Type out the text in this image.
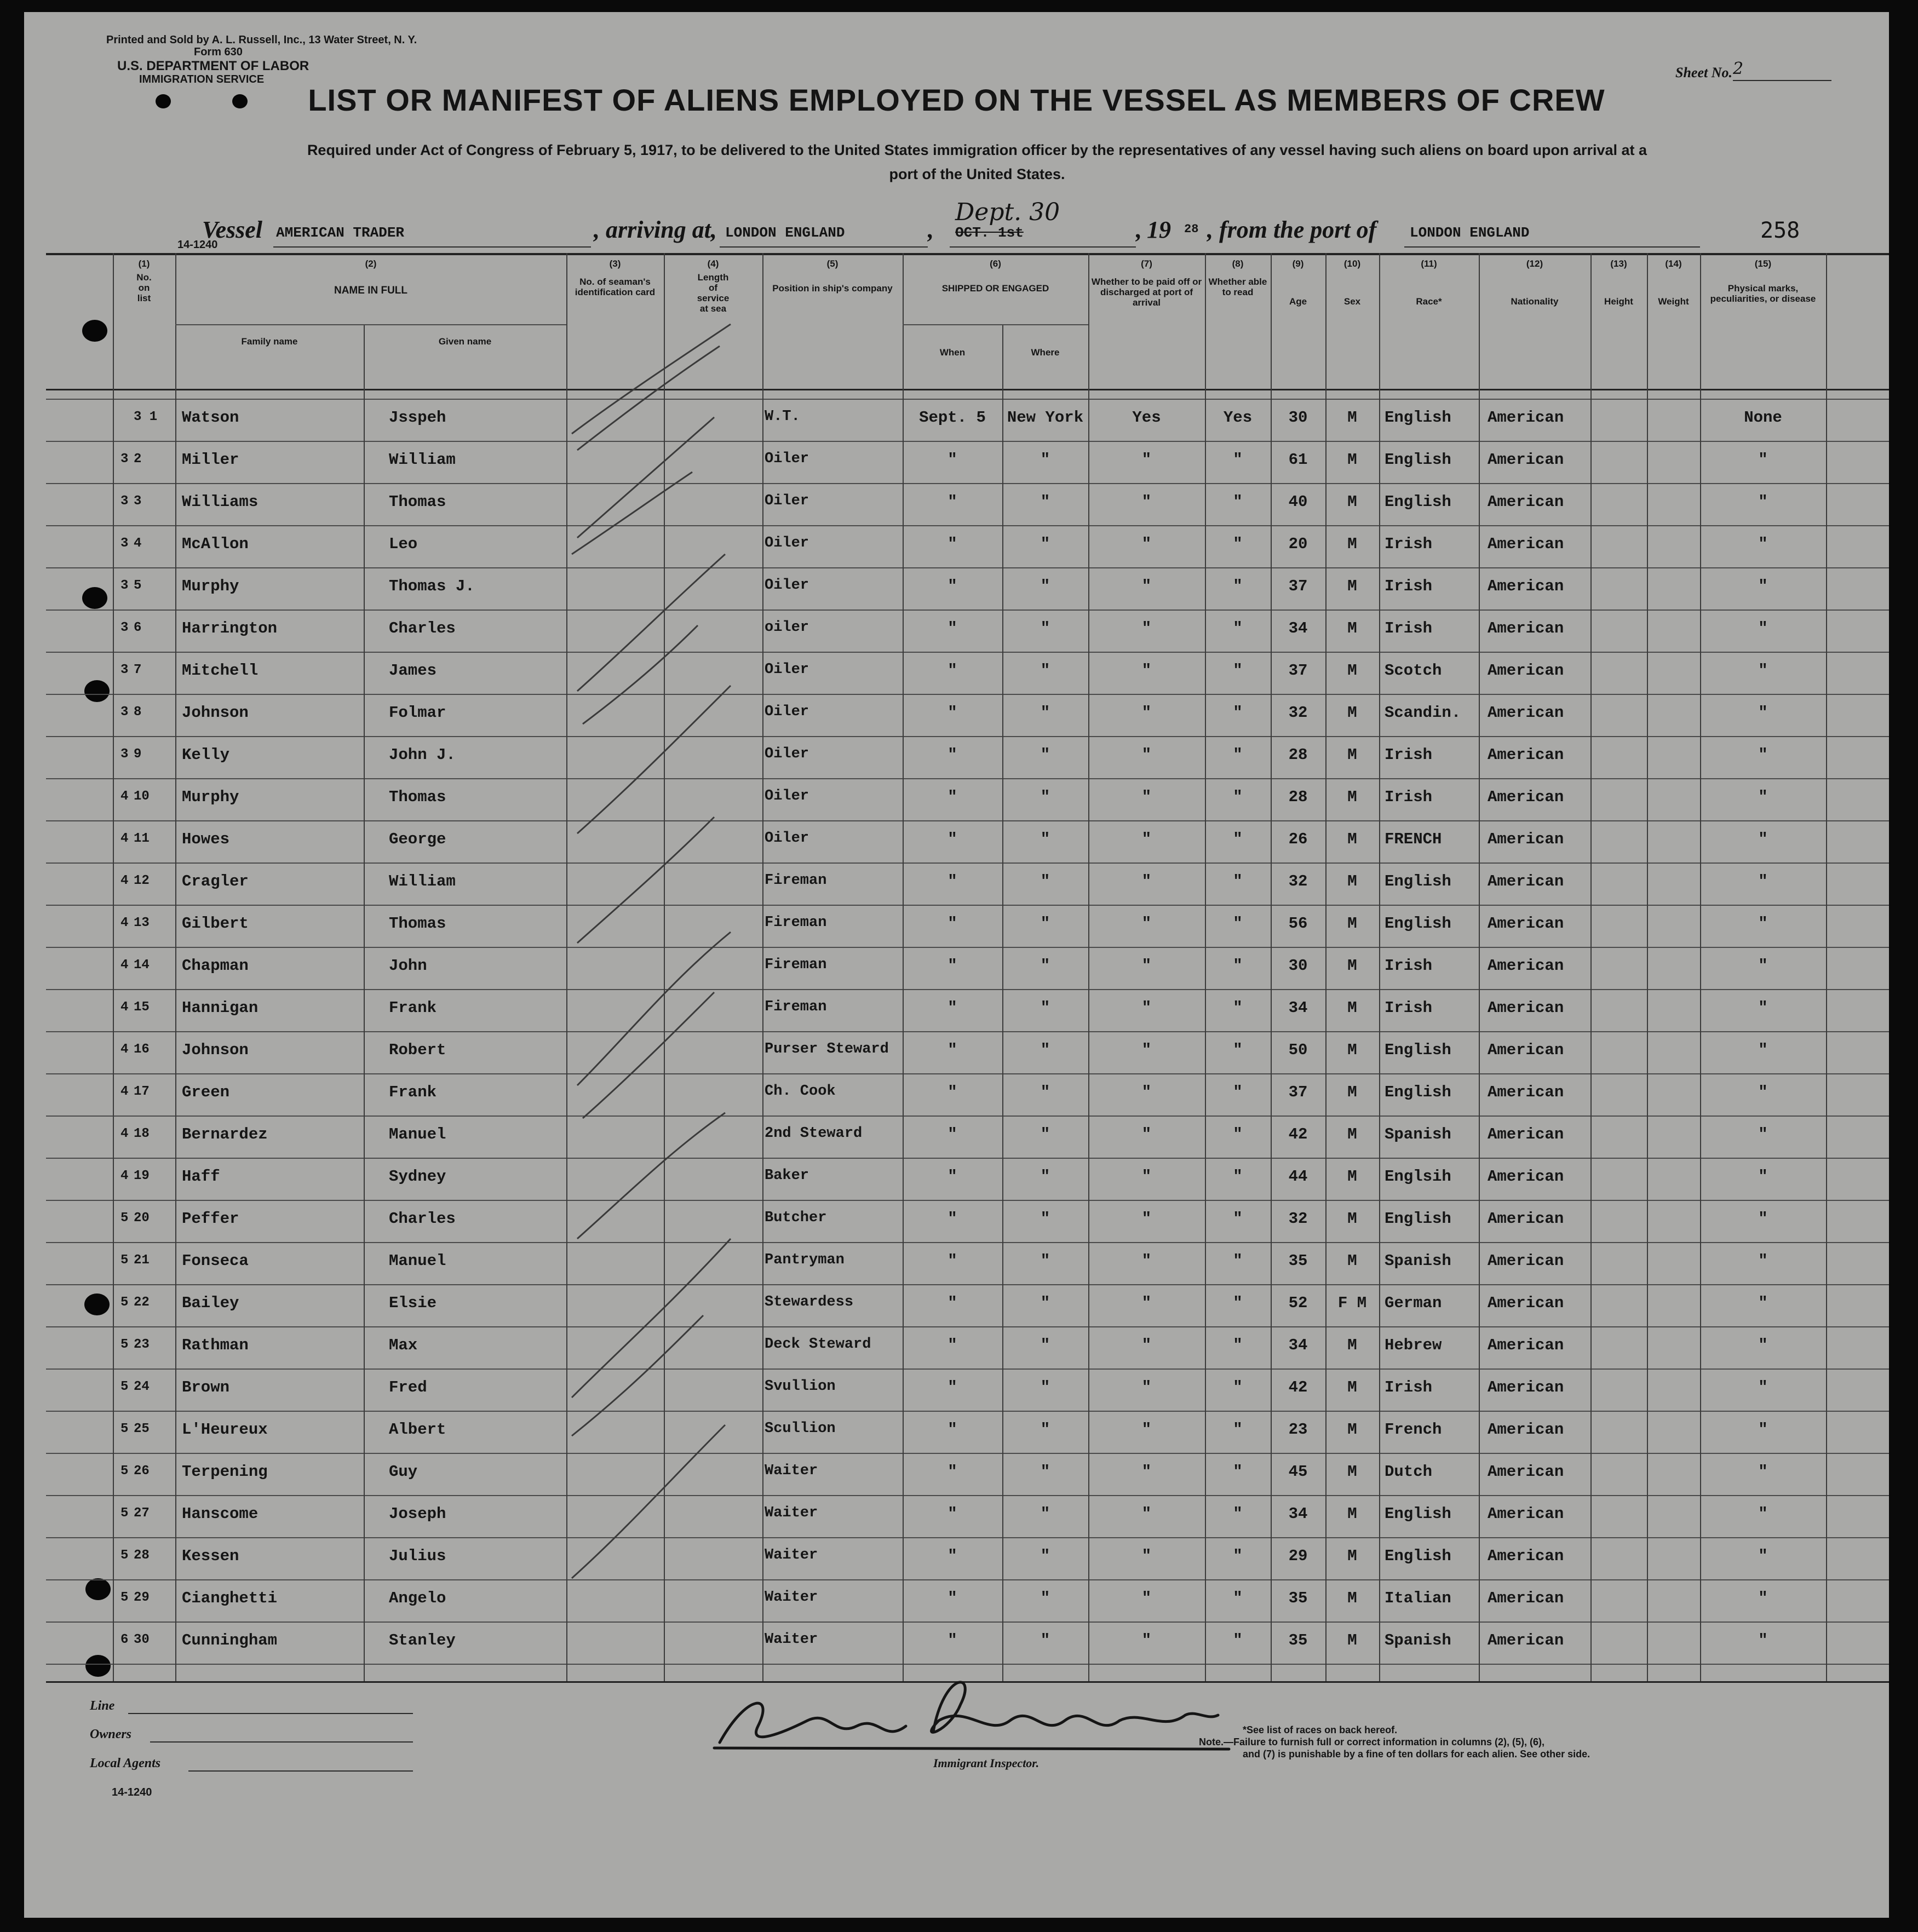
Printed and Sold by A. L. Russell, Inc., 13 Water Street, N. Y.
Form 630
U.S. DEPARTMENT OF LABOR
IMMIGRATION SERVICE
14-1240
Sheet No. 2
LIST OR MANIFEST OF ALIENS EMPLOYED ON THE VESSEL AS MEMBERS OF CREW
Required under Act of Congress of February 5, 1917, to be delivered to the United States immigration officer by the representatives of any vessel having such aliens on board upon arrival at a
port of the United States.
Vessel AMERICAN TRADER	, arriving at, LONDON ENGLAND	,
Dept. 30
OCT. 1st	, 19 28 , from the port of LONDON ENGLAND	258
(1)
No. on list
(2)
NAME IN FULL
Family name	Given name
(3)
No. of seaman's identification card
(4)
Length of service at sea
(5)
Position in ship's company
(6)
SHIPPED OR ENGAGED
When	Where
(7)
Whether to be paid off or discharged at port of arrival
(8)
Whether able to read
(9)
Age
(10)
Sex
(11)
Race*
(12)
Nationality
(13)
Height
(14)
Weight
(15)
Physical marks, peculiarities, or disease
3 1	Watson	Jsspeh	W.T.	Sept. 5	New York	Yes	Yes	30	M	English	American	None
3 2	Miller	William	Oiler	"	"	"	"	61	M	English	American	"
3 3	Williams	Thomas	Oiler	"	"	"	"	40	M	English	American	"
3 4	McAllon	Leo	Oiler	"	"	"	"	20	M	Irish	American	"
3 5	Murphy	Thomas J.	Oiler	"	"	"	"	37	M	Irish	American	"
3 6	Harrington	Charles	oiler	"	"	"	"	34	M	Irish	American	"
3 7	Mitchell	James	Oiler	"	"	"	"	37	M	Scotch	American	"
3 8	Johnson	Folmar	Oiler	"	"	"	"	32	M	Scandin.	American	"
3 9	Kelly	John J.	Oiler	"	"	"	"	28	M	Irish	American	"
4 10	Murphy	Thomas	Oiler	"	"	"	"	28	M	Irish	American	"
4 11	Howes	George	Oiler	"	"	"	"	26	M	FRENCH	American	"
4 12	Cragler	William	Fireman	"	"	"	"	32	M	English	American	"
4 13	Gilbert	Thomas	Fireman	"	"	"	"	56	M	English	American	"
4 14	Chapman	John	Fireman	"	"	"	"	30	M	Irish	American	"
4 15	Hannigan	Frank	Fireman	"	"	"	"	34	M	Irish	American	"
4 16	Johnson	Robert	Purser Steward	"	"	"	"	50	M	English	American	"
4 17	Green	Frank	Ch. Cook	"	"	"	"	37	M	English	American	"
4 18	Bernardez	Manuel	2nd Steward	"	"	"	"	42	M	Spanish	American	"
4 19	Haff	Sydney	Baker	"	"	"	"	44	M	Englsih	American	"
5 20	Peffer	Charles	Butcher	"	"	"	"	32	M	English	American	"
5 21	Fonseca	Manuel	Pantryman	"	"	"	"	35	M	Spanish	American	"
5 22	Bailey	Elsie	Stewardess	"	"	"	"	52	F M	German	American	"
5 23	Rathman	Max	Deck Steward	"	"	"	"	34	M	Hebrew	American	"
5 24	Brown	Fred	Svullion	"	"	"	"	42	M	Irish	American	"
5 25	L'Heureux	Albert	Scullion	"	"	"	"	23	M	French	American	"
5 26	Terpening	Guy	Waiter	"	"	"	"	45	M	Dutch	American	"
5 27	Hanscome	Joseph	Waiter	"	"	"	"	34	M	English	American	"
5 28	Kessen	Julius	Waiter	"	"	"	"	29	M	English	American	"
5 29	Cianghetti	Angelo	Waiter	"	"	"	"	35	M	Italian	American	"
6 30	Cunningham	Stanley	Waiter	"	"	"	"	35	M	Spanish	American	"
Line
Owners
Local Agents
14-1240
Immigrant Inspector.
*See list of races on back hereof.
Note.—Failure to furnish full or correct information in columns (2), (5), (6),
and (7) is punishable by a fine of ten dollars for each alien. See other side.
